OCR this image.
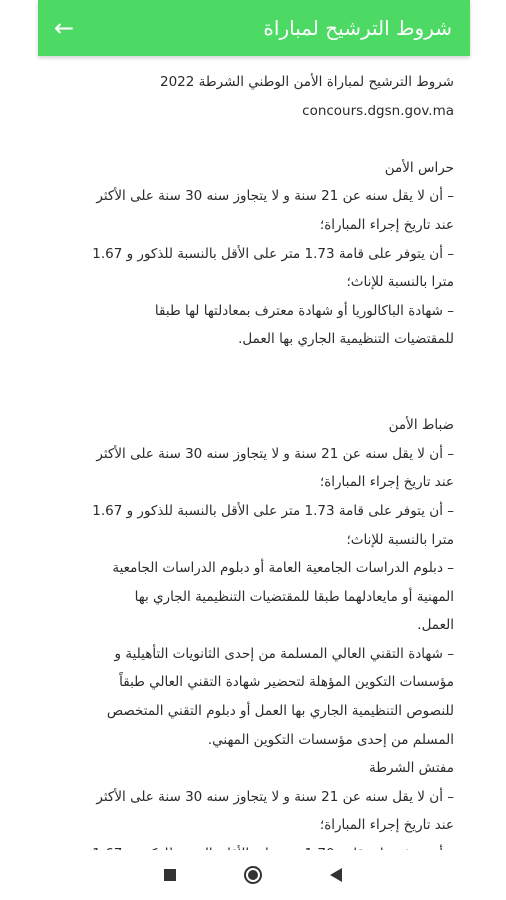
←	شروط الترشيح لمباراة
شروط الترشيح لمباراة الأمن الوطني الشرطة 2022
concours.dgsn.gov.ma
حراس الأمن
– أن لا يقل سنه عن 21 سنة و لا يتجاوز سنه 30 سنة على الأكثر
عند تاريخ إجراء المباراة؛
– أن يتوفر على قامة 1.73 متر على الأقل بالنسبة للذكور و 1.67
مترا بالنسبة للإناث؛
– شهادة الباكالوريا أو شهادة معترف بمعادلتها لها طبقا
للمقتضيات التنظيمية الجاري بها العمل.
ضباط الأمن
– أن لا يقل سنه عن 21 سنة و لا يتجاوز سنه 30 سنة على الأكثر
عند تاريخ إجراء المباراة؛
– أن يتوفر على قامة 1.73 متر على الأقل بالنسبة للذكور و 1.67
مترا بالنسبة للإناث؛
– دبلوم الدراسات الجامعية العامة أو دبلوم الدراسات الجامعية
المهنية أو مايعادلهما طبقا للمقتضيات التنظيمية الجاري بها
العمل.
– شهادة التقني العالي المسلمة من إحدى الثانويات التأهيلية و
مؤسسات التكوين المؤهلة لتحضير شهادة التقني العالي طبقاً
للنصوص التنظيمية الجاري بها العمل أو دبلوم التقني المتخصص
المسلم من إحدى مؤسسات التكوين المهني.
مفتش الشرطة
– أن لا يقل سنه عن 21 سنة و لا يتجاوز سنه 30 سنة على الأكثر
عند تاريخ إجراء المباراة؛
